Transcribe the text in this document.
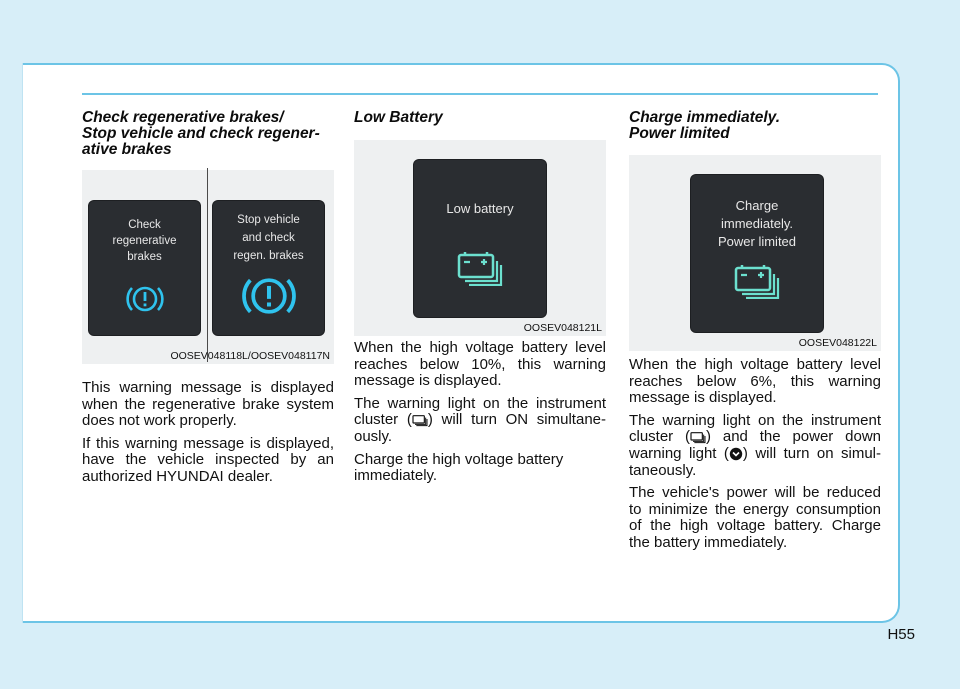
Check regenerative brakes/
Stop vehicle and check regener-
ative brakes
Check
regenerative
brakes
Stop vehicle
and check
regen. brakes
OOSEV048118L/OOSEV048117N

This warning message is displayed when the regenerative brake system does not work properly.

If this warning message is displayed, have the vehicle inspected by an authorized HYUNDAI dealer.

Low Battery
Low battery
OOSEV048121L

When the high voltage battery level reaches below 10%, this warning message is displayed.

The warning light on the instrument cluster ( ) will turn ON simultane-ously.

Charge the high voltage battery immediately.

Charge immediately.
Power limited
Charge
immediately.
Power limited
OOSEV048122L

When the high voltage battery level reaches below 6%, this warning message is displayed.

The warning light on the instrument cluster ( ) and the power down warning light ( ) will turn on simul-taneously.

The vehicle's power will be reduced to minimize the energy consumption of the high voltage battery. Charge the battery immediately.

H55
